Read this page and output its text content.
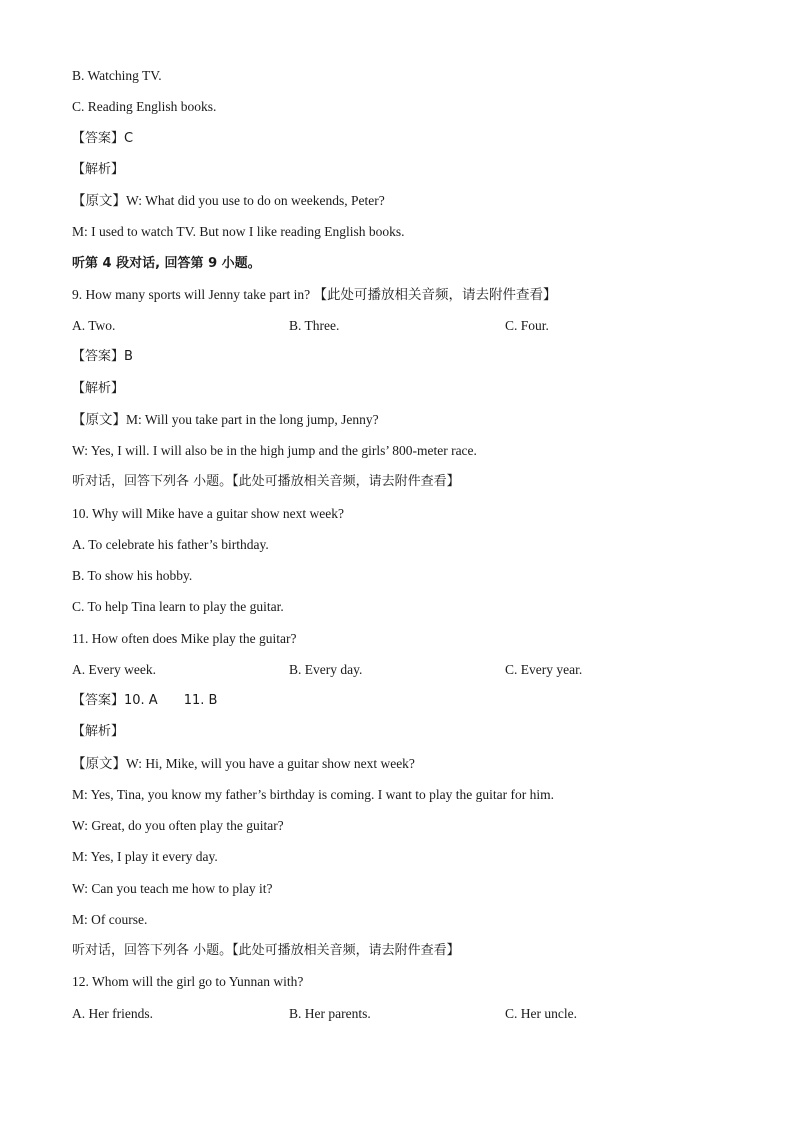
B. Watching TV.
C. Reading English books.
【答案】C
【解析】
【原文】W: What did you use to do on weekends, Peter?
M: I used to watch TV. But now I like reading English books.
听第 4 段对话, 回答第 9 小题。
9. How many sports will Jenny take part in? 【此处可播放相关音频，请去附件查看】
A. Two.	B. Three.	C. Four.
【答案】B
【解析】
【原文】M: Will you take part in the long jump, Jenny?
W: Yes, I will. I will also be in the high jump and the girls’ 800-meter race.
听对话，回答下列各 小题。【此处可播放相关音频，请去附件查看】
10. Why will Mike have a guitar show next week?
A. To celebrate his father’s birthday.
B. To show his hobby.
C. To help Tina learn to play the guitar.
11. How often does Mike play the guitar?
A. Every week.	B. Every day.	C. Every year.
【答案】10. A 11. B
【解析】
【原文】W: Hi, Mike, will you have a guitar show next week?
M: Yes, Tina, you know my father’s birthday is coming. I want to play the guitar for him.
W: Great, do you often play the guitar?
M: Yes, I play it every day.
W: Can you teach me how to play it?
M: Of course.
听对话，回答下列各 小题。【此处可播放相关音频，请去附件查看】
12. Whom will the girl go to Yunnan with?
A. Her friends.	B. Her parents.	C. Her uncle.
